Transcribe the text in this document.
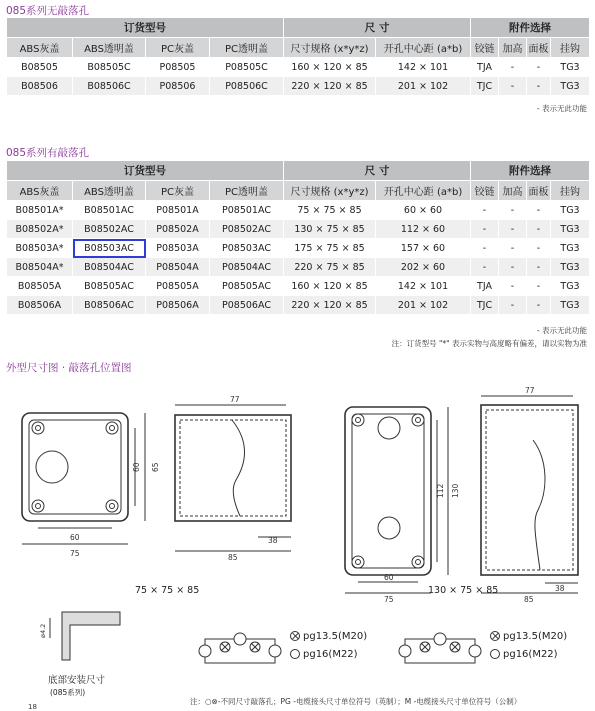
085系列无敲落孔
订货型号				尺 寸		附件选择			
ABS灰盖	ABS透明盖	PC灰盖	PC透明盖	尺寸规格 (x*y*z)	开孔中心距 (a*b)	铰链	加高	面板	挂钩
B08505	B08505C	P08505	P08505C	160 × 120 × 85	142 × 101	TJA	-	-	TG3
B08506	B08506C	P08506	P08506C	220 × 120 × 85	201 × 102	TJC	-	-	TG3
- 表示无此功能
085系列有敲落孔
订货型号				尺 寸		附件选择			
ABS灰盖	ABS透明盖	PC灰盖	PC透明盖	尺寸规格 (x*y*z)	开孔中心距 (a*b)	铰链	加高	面板	挂钩
B08501A*	B08501AC	P08501A	P08501AC	75 × 75 × 85	60 × 60	-	-	-	TG3
B08502A*	B08502AC	P08502A	P08502AC	130 × 75 × 85	112 × 60	-	-	-	TG3
B08503A*	B08503AC	P08503A	P08503AC	175 × 75 × 85	157 × 60	-	-	-	TG3
B08504A*	B08504AC	P08504A	P08504AC	220 × 75 × 85	202 × 60	-	-	-	TG3
B08505A	B08505AC	P08505A	P08505AC	160 × 120 × 85	142 × 101	TJA	-	-	TG3
B08506A	B08506AC	P08506A	P08506AC	220 × 120 × 85	201 × 102	TJC	-	-	TG3
- 表示无此功能
注：订货型号 "*" 表示实物与高度略有偏差，请以实物为准
外型尺寸图 · 敲落孔位置图
77
60 65
60
75
38
85
77
112 130
60
75
38
85
ø4.2
75 × 75 × 85	130 × 75 × 85
底部安装尺寸
(085系列)
pg13.5(M20)
pg16(M22)
pg13.5(M20)
pg16(M22)
注：○⊗-不同尺寸敲落孔；PG -电缆接头尺寸单位符号（英制）；M -电缆接头尺寸单位符号（公制）
18
